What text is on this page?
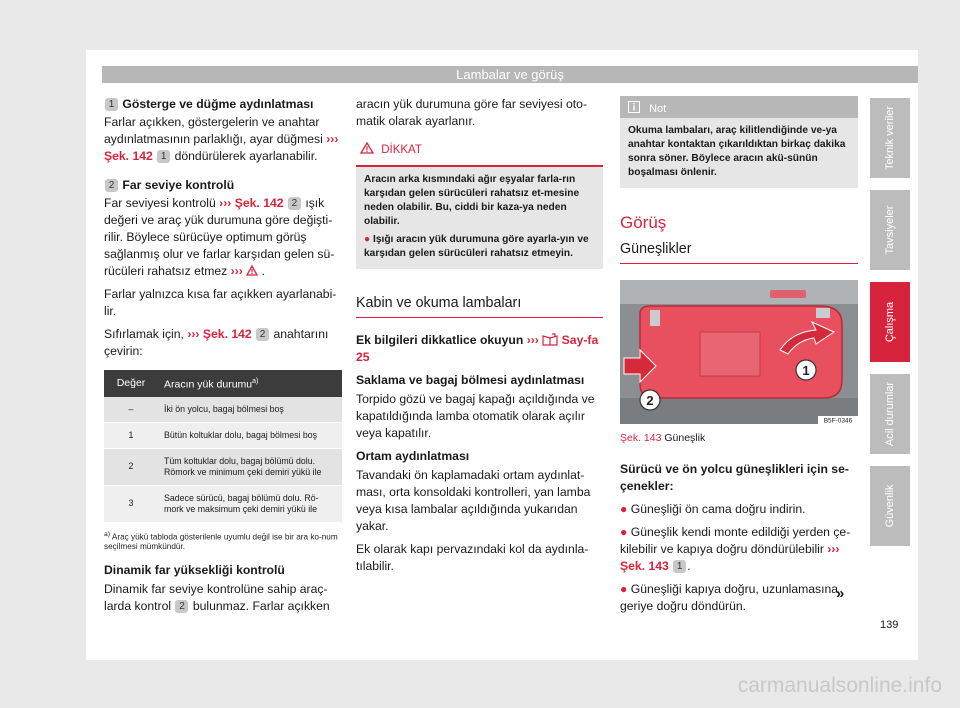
Lambalar ve görüş

1 Gösterge ve düğme aydınlatması

Farlar açıkken, göstergelerin ve anahtar aydınlatmasının parlaklığı, ayar düğmesi ››› Şek. 142 1 döndürülerek ayarlanabilir.

2 Far seviye kontrolü

Far seviyesi kontrolü ››› Şek. 142 2 ışık değeri ve araç yük durumuna göre değişti-rilir. Böylece sürücüye optimum görüş sağlanmış olur ve farlar karşıdan gelen sü-rücüleri rahatsız etmez ››› .

Farlar yalnızca kısa far açıkken ayarlanabi-lir.

Sıfırlamak için, ››› Şek. 142 2 anahtarını çevirin:

Değer	Aracın yük durumu$^{a)}$
–	İki ön yolcu, bagaj bölmesi boş
1	Bütün koltuklar dolu, bagaj bölmesi boş
2	Tüm koltuklar dolu, bagaj bölümü dolu. Römork ve minimum çeki demiri yükü ile
3	Sadece sürücü, bagaj bölümü dolu. Rö-mork ve maksimum çeki demiri yükü ile
$^{a)}$ Araç yükü tabloda gösterilenle uyumlu değil ise bir ara ko-num seçilmesi mümkündür.

Dinamik far yüksekliği kontrolü

Dinamik far seviye kontrolüne sahip araç-larda kontrol 2 bulunmaz. Farlar açıkken

aracın yük durumuna göre far seviyesi oto-matik olarak ayarlanır.

DİKKAT

Aracın arka kısmındaki ağır eşyalar farla-rın karşıdan gelen sürücüleri rahatsız et-mesine neden olabilir. Bu, ciddi bir kaza-ya neden olabilir.

● Işığı aracın yük durumuna göre ayarla-yın ve karşıdan gelen sürücüleri rahatsız etmeyin.

Kabin ve okuma lambaları

Ek bilgileri dikkatlice okuyun ››› Say-fa 25

Saklama ve bagaj bölmesi aydınlatması

Torpido gözü ve bagaj kapağı açıldığında ve kapatıldığında lamba otomatik olarak açılır veya kapatılır.

Ortam aydınlatması

Tavandaki ön kaplamadaki ortam aydınlat-ması, orta konsoldaki kontrolleri, yan lamba veya kısa lambalar açıldığında yukarıdan yakar.

Ek olarak kapı pervazındaki kol da aydınla-tılabilir.

Not
Okuma lambaları, araç kilitlendiğinde ve-ya anahtar kontaktan çıkarıldıktan birkaç dakika sonra söner. Böylece aracın akü-sünün boşalması önlenir.
Görüş
Güneşlikler
1
2
B5F-0346
Şek. 143 Güneşlik

Sürücü ve ön yolcu güneşlikleri için se-çenekler:

● Güneşliği ön cama doğru indirin.

● Güneşlik kendi monte edildiği yerden çe-kilebilir ve kapıya doğru döndürülebilir ››› Şek. 143 1 .

● Güneşliği kapıya doğru, uzunlamasına geriye doğru döndürün.

»
Teknik veriler
Tavsiyeler
Çalışma
Acil durumlar
Güvenlik
139
carmanualsonline.info
